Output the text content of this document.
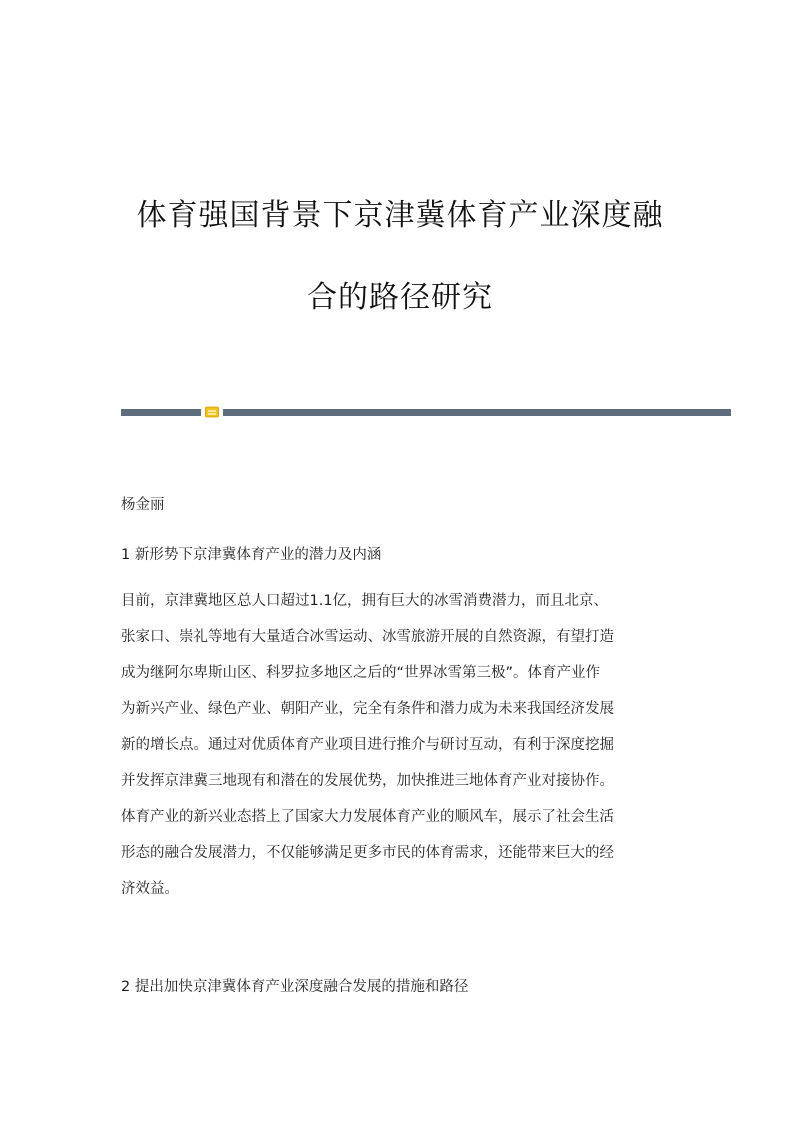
体育强国背景下京津冀体育产业深度融
合的路径研究
杨金丽
1 新形势下京津冀体育产业的潜力及内涵
目前，京津冀地区总人口超过1.1亿，拥有巨大的冰雪消费潜力，而且北京、
张家口、崇礼等地有大量适合冰雪运动、冰雪旅游开展的自然资源，有望打造
成为继阿尔卑斯山区、科罗拉多地区之后的“世界冰雪第三极”。体育产业作
为新兴产业、绿色产业、朝阳产业，完全有条件和潜力成为未来我国经济发展
新的增长点。通过对优质体育产业项目进行推介与研讨互动，有利于深度挖掘
并发挥京津冀三地现有和潜在的发展优势，加快推进三地体育产业对接协作。
体育产业的新兴业态搭上了国家大力发展体育产业的顺风车，展示了社会生活
形态的融合发展潜力，不仅能够满足更多市民的体育需求，还能带来巨大的经
济效益。
2 提出加快京津冀体育产业深度融合发展的措施和路径
